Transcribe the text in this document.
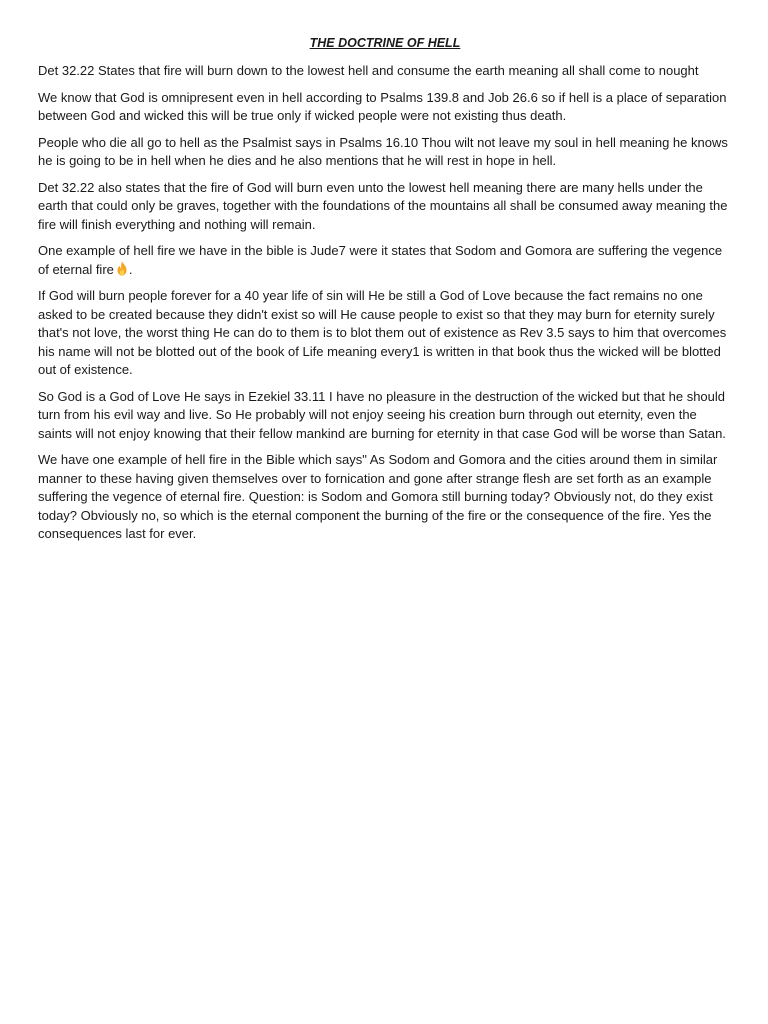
THE DOCTRINE OF HELL

Det 32.22 States that fire will burn down to the lowest hell and consume the earth meaning all shall come to nought

We know that God is omnipresent even in hell according to Psalms 139.8 and Job 26.6 so if hell is a place of separation between God and wicked this will be true only if wicked people were not existing thus death.

People who die all go to hell as the Psalmist says in Psalms 16.10 Thou wilt not leave my soul in hell meaning he knows he is going to be in hell when he dies and he also mentions that he will rest in hope in hell.

Det 32.22 also states that the fire of God will burn even unto the lowest hell meaning there are many hells under the earth that could only be graves, together with the foundations of the mountains all shall be consumed away meaning the fire will finish everything and nothing will remain.

One example of hell fire we have in the bible is Jude7 were it states that Sodom and Gomora are suffering the vegence of eternal fire .

If God will burn people forever for a 40 year life of sin will He be still a God of Love because the fact remains no one asked to be created because they didn't exist so will He cause people to exist so that they may burn for eternity surely that's not love, the worst thing He can do to them is to blot them out of existence as Rev 3.5 says to him that overcomes his name will not be blotted out of the book of Life meaning every1 is written in that book thus the wicked will be blotted out of existence.

So God is a God of Love He says in Ezekiel 33.11 I have no pleasure in the destruction of the wicked but that he should turn from his evil way and live. So He probably will not enjoy seeing his creation burn through out eternity, even the saints will not enjoy knowing that their fellow mankind are burning for eternity in that case God will be worse than Satan.

We have one example of hell fire in the Bible which says" As Sodom and Gomora and the cities around them in similar manner to these having given themselves over to fornication and gone after strange flesh are set forth as an example suffering the vegence of eternal fire. Question: is Sodom and Gomora still burning today? Obviously not, do they exist today? Obviously no, so which is the eternal component the burning of the fire or the consequence of the fire. Yes the consequences last for ever.
